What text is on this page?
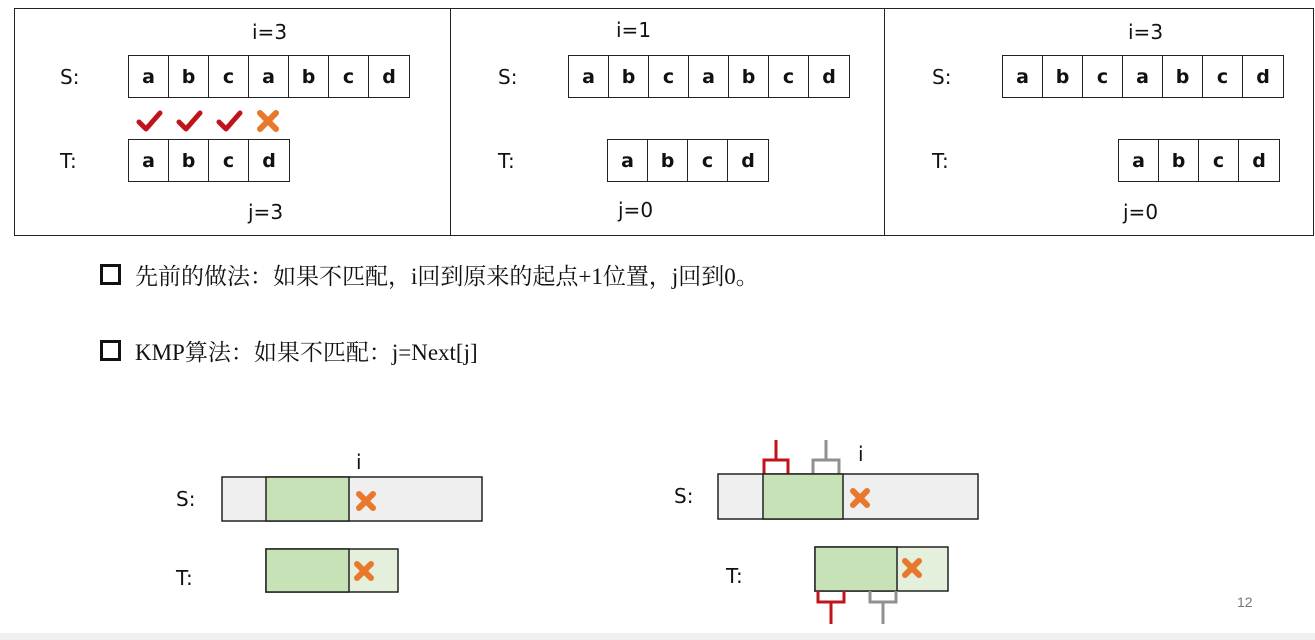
i=3
S:	a	b	c	a	b	c	d
T:	a	b	c	d
j=3
i=1
S:	a	b	c	a	b	c	d
T:	a	b	c	d
j=0
i=3
S:	a	b	c	a	b	c	d
T:	a	b	c	d
j=0
先前的做法：如果不匹配，i回到原来的起点+1位置，j回到0。
KMP算法：如果不匹配：j=Next[j]
S:
i
T:
S:
i
T:
12
